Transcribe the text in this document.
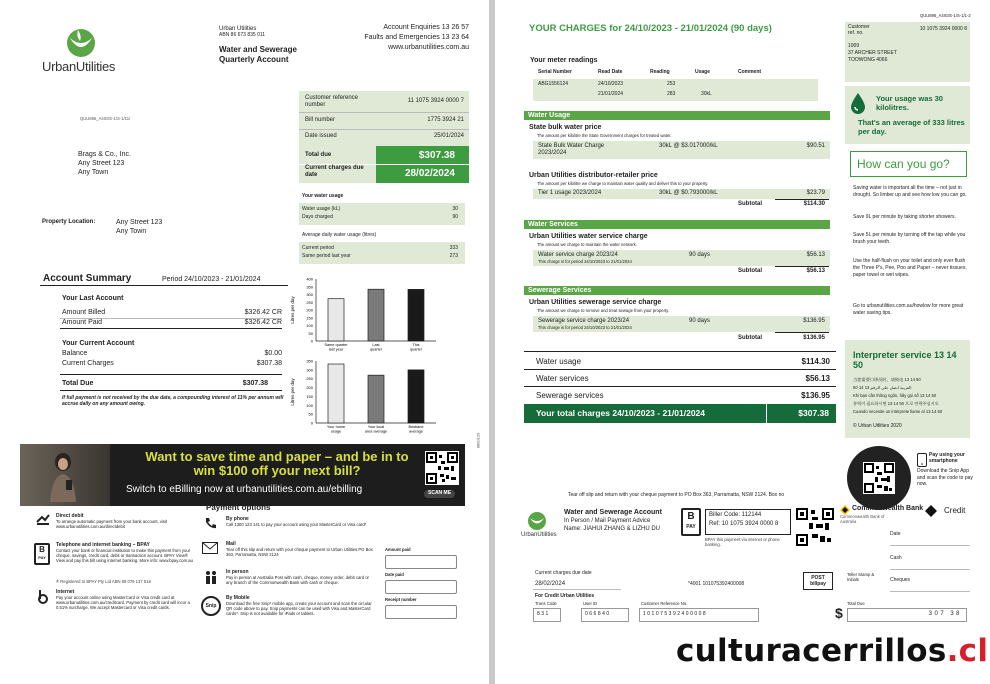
UrbanUtilities
Urban Utilities
ABN 86 673 835 011
Water and Sewerage
Quarterly Account
Account Enquiries 13 26 57
Faults and Emergencies 13 23 64
www.urbanutilities.com.au
QUU896_A4IG/E-1/S-1/11/
Brags & Co., Inc.
Any Street 123
Any Town
Property Location:	Any Street 123
Any Town
Customer reference number
11 1075 3924 0000 7
Bill number	1775 3924 21
Date issued	25/01/2024
Total due	$307.38
Current charges due date	28/02/2024
Your water usage
Water usage (kL)	30
Days charged	90
Average daily water usage (litres)
Current period	333
Same period last year	273
Account Summary	Period 24/10/2023 - 21/01/2024
Your Last Account
Amount Billed	$326.42 CR
Amount Paid	$326.42 CR
Your Current Account
Balance	$0.00
Current Charges	$307.38
Total Due	$307.38
If full payment is not received by the due date, a compounding interest of 11% per annum will accrue daily on any amount owing.
Litres per day
0
50
100
150
200
250
300
350
400
Same quarter
last year
Last
quarter
This
quarter
Litres per day
0
50
100
150
200
250
300
350
Your home
usage
Your local
area average
Brisbane
average
8800120
Want to save time and paper – and be in to
win $100 off your next bill?
Switch to eBilling now at urbanutilities.com.au/ebilling	SCAN ME
Payment options
Direct debit
To arrange automatic payment from your bank account, visit www.urbanutilities.com.au/directdebit
B
PAY
Telephone and internet banking – BPAY
Contact your bank or financial institution to make this payment from your cheque, savings, credit card, debit or transaction account. BPAY View® View and pay this bill using internet banking. More info: www.bpay.com.au
® Registered to BPAY Pty Ltd ABN 69 079 137 518
Internet
Pay your account online using MasterCard or Visa credit card at www.urbanutilities.com.au/creditcard. Payment by credit card will incur a 0.51% surcharge. We accept Mastercard or Visa credit cards.
By phone
Call 1300 123 141 to pay your account using your MasterCard or Visa card*.
Mail
Tear off this slip and return with your cheque payment to Urban Utilities PO Box 363, Parramatta, NSW 2124
In person
Pay in person at Australia Post with cash, cheque, money order, debit card or any branch of the Commonwealth Bank with cash or cheque.
Snip
By Mobile
Download the free Snip* mobile app, create your account and scan the circular QR code above to pay. Snip payments can be used with Visa and MasterCard cards*. Snip is not available for iPads or tablets.
Amount paid
Date paid
Receipt number
YOUR CHARGES for 24/10/2023 - 21/01/2024 (90 days)
QUU896_A4IG/E-1/S-1/1-2
Customer ref. no.
10 1075 3924 0000 8
1009
37 ARCHER STREET
TOOWONG 4066
Your meter readings
Serial Number	Read Date	Reading	Usage	Comment
ABG1556124	24/10/2023	253
21/01/2024	283	30kL
Water Usage
State bulk water price
The amount per kilolitre the State Government charges for treated water.
State Bulk Water Charge 2023/2024
30kL @ $3.017000/kL	$90.51
Urban Utilities distributor-retailer price
The amount per kilolitre we charge to maintain water quality and deliver this to your property.
Tier 1 usage 2023/2024	30kL @ $0.793000/kL	$23.79
Subtotal	$114.30
Water Services
Urban Utilities water service charge
The amount we charge to maintain the water network.
Water service charge 2023/24	90 days	$56.13
This charge is for period 24/10/2023 to 21/01/2024
Subtotal	$56.13
Sewerage Services
Urban Utilities sewerage service charge
The amount we charge to remove and treat sewage from your property.
Sewerage service charge 2023/24	90 days	$136.95
This charge is for period 24/10/2023 to 21/01/2024
Subtotal	$136.95
Water usage	$114.30
Water services	$56.13
Sewerage services	$136.95
Your total charges 24/10/2023 - 21/01/2024	$307.38
Your usage was 30 kilolitres.
That's an average of 333 litres per day.
How can you go?
Saving water is important all the time – not just in drought. So limber up and see how low you can go.
Save 9L per minute by taking shorter showers.
Save 5L per minute by turning off the tap while you brush your teeth.
Use the half-flush on your toilet and only ever flush the Three P's, Pee, Poo and Paper – never tissues, paper towel or wet wipes.
Go to urbanutilities.com.au/howlow for more great water saving tips.
Interpreter service 13 14 50
当您需要口译员时，请致电 13 14 50
العربية اتصل على الرقم 13 14 50
Khi bạn cần thông ngôn, hãy gọi số 13 14 50
통역이 필요하시면 13 14 50 으로 연락주십시오
Cuando necesite un intérprete llame al 13 14 50
© Urban Utilities 2020
Pay using your smartphone
Download the Snip App and scan the code to pay now.
Tear off slip and return with your cheque payment to PO Box 363, Parramatta, NSW 2124. Box no
UrbanUtilities
Water and Sewerage Account
In Person / Mail Payment Advice
Name: JIAHUI ZHANG & LIZHU DU
B
PAY
Biller Code: 112144
Ref: 10 1075 3924 0000 8
BPAY this payment via internet or phone banking.
Commonwealth Bank
Commonwealth Bank of Australia
Credit
Date
Cash
Cheques
Teller Stamp & Initials
Current charges due date
28/02/2024	*4001 101075392400008
POST billpay
For Credit Urban Utilities
Trans Code	User ID	Customer Reference No.	Total Due
831	066840	101075392400008	$	307 38
culturacerrillos.cl
